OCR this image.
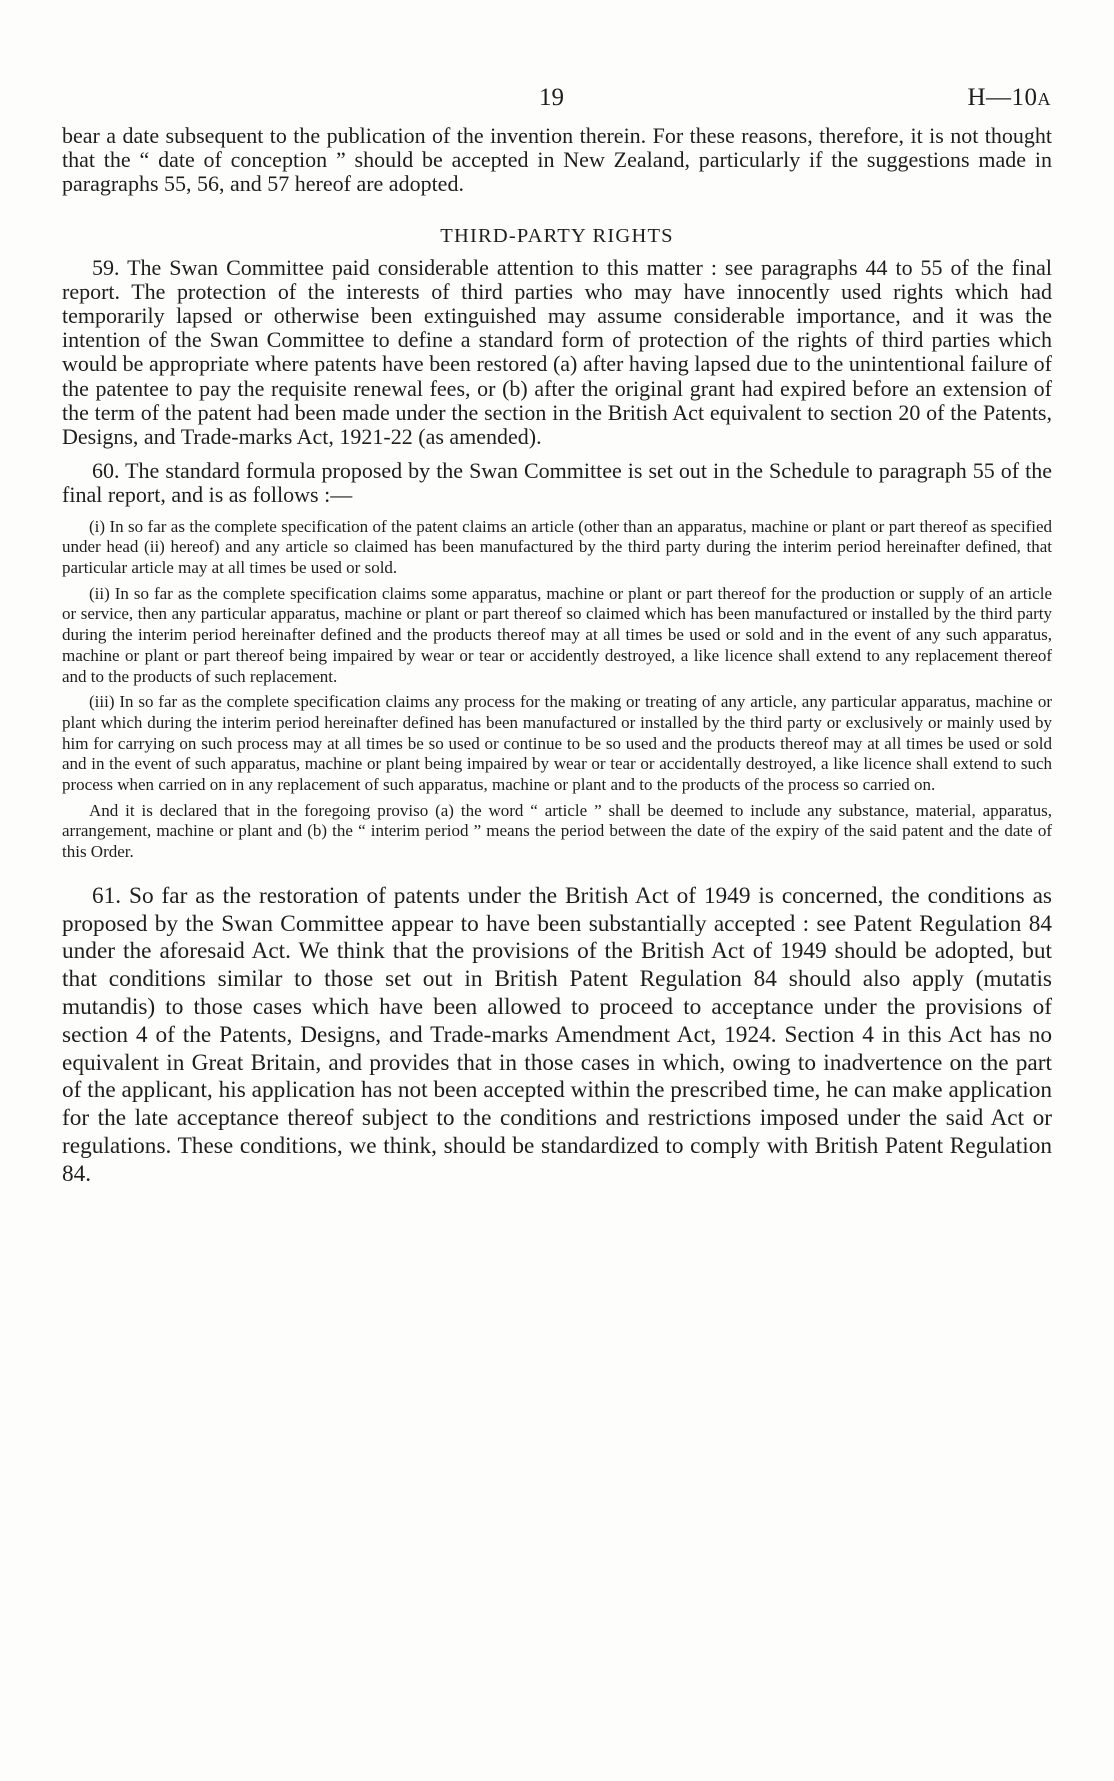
19	H—10A

bear a date subsequent to the publication of the invention therein. For these reasons, therefore, it is not thought that the “ date of conception ” should be accepted in New Zealand, particularly if the suggestions made in paragraphs 55, 56, and 57 hereof are adopted.

THIRD-PARTY RIGHTS

59. The Swan Committee paid considerable attention to this matter : see paragraphs 44 to 55 of the final report. The protection of the interests of third parties who may have innocently used rights which had temporarily lapsed or otherwise been extinguished may assume considerable importance, and it was the intention of the Swan Committee to define a standard form of protection of the rights of third parties which would be appropriate where patents have been restored (a) after having lapsed due to the unintentional failure of the patentee to pay the requisite renewal fees, or (b) after the original grant had expired before an extension of the term of the patent had been made under the section in the British Act equivalent to section 20 of the Patents, Designs, and Trade-marks Act, 1921-22 (as amended).

60. The standard formula proposed by the Swan Committee is set out in the Schedule to paragraph 55 of the final report, and is as follows :—

(i) In so far as the complete specification of the patent claims an article (other than an apparatus, machine or plant or part thereof as specified under head (ii) hereof) and any article so claimed has been manufactured by the third party during the interim period hereinafter defined, that particular article may at all times be used or sold.

(ii) In so far as the complete specification claims some apparatus, machine or plant or part thereof for the production or supply of an article or service, then any particular apparatus, machine or plant or part thereof so claimed which has been manufactured or installed by the third party during the interim period hereinafter defined and the products thereof may at all times be used or sold and in the event of any such apparatus, machine or plant or part thereof being impaired by wear or tear or accidently destroyed, a like licence shall extend to any replacement thereof and to the products of such replacement.

(iii) In so far as the complete specification claims any process for the making or treating of any article, any particular apparatus, machine or plant which during the interim period hereinafter defined has been manufactured or installed by the third party or exclusively or mainly used by him for carrying on such process may at all times be so used or continue to be so used and the products thereof may at all times be used or sold and in the event of such apparatus, machine or plant being impaired by wear or tear or accidentally destroyed, a like licence shall extend to such process when carried on in any replacement of such apparatus, machine or plant and to the products of the process so carried on.

And it is declared that in the foregoing proviso (a) the word “ article ” shall be deemed to include any substance, material, apparatus, arrangement, machine or plant and (b) the “ interim period ” means the period between the date of the expiry of the said patent and the date of this Order.

61. So far as the restoration of patents under the British Act of 1949 is concerned, the conditions as proposed by the Swan Committee appear to have been substantially accepted : see Patent Regulation 84 under the aforesaid Act. We think that the provisions of the British Act of 1949 should be adopted, but that conditions similar to those set out in British Patent Regulation 84 should also apply (mutatis mutandis) to those cases which have been allowed to proceed to acceptance under the provisions of section 4 of the Patents, Designs, and Trade-marks Amendment Act, 1924. Section 4 in this Act has no equivalent in Great Britain, and provides that in those cases in which, owing to inadvertence on the part of the applicant, his application has not been accepted within the prescribed time, he can make application for the late acceptance thereof subject to the conditions and restrictions imposed under the said Act or regulations. These conditions, we think, should be standardized to comply with British Patent Regulation 84.
